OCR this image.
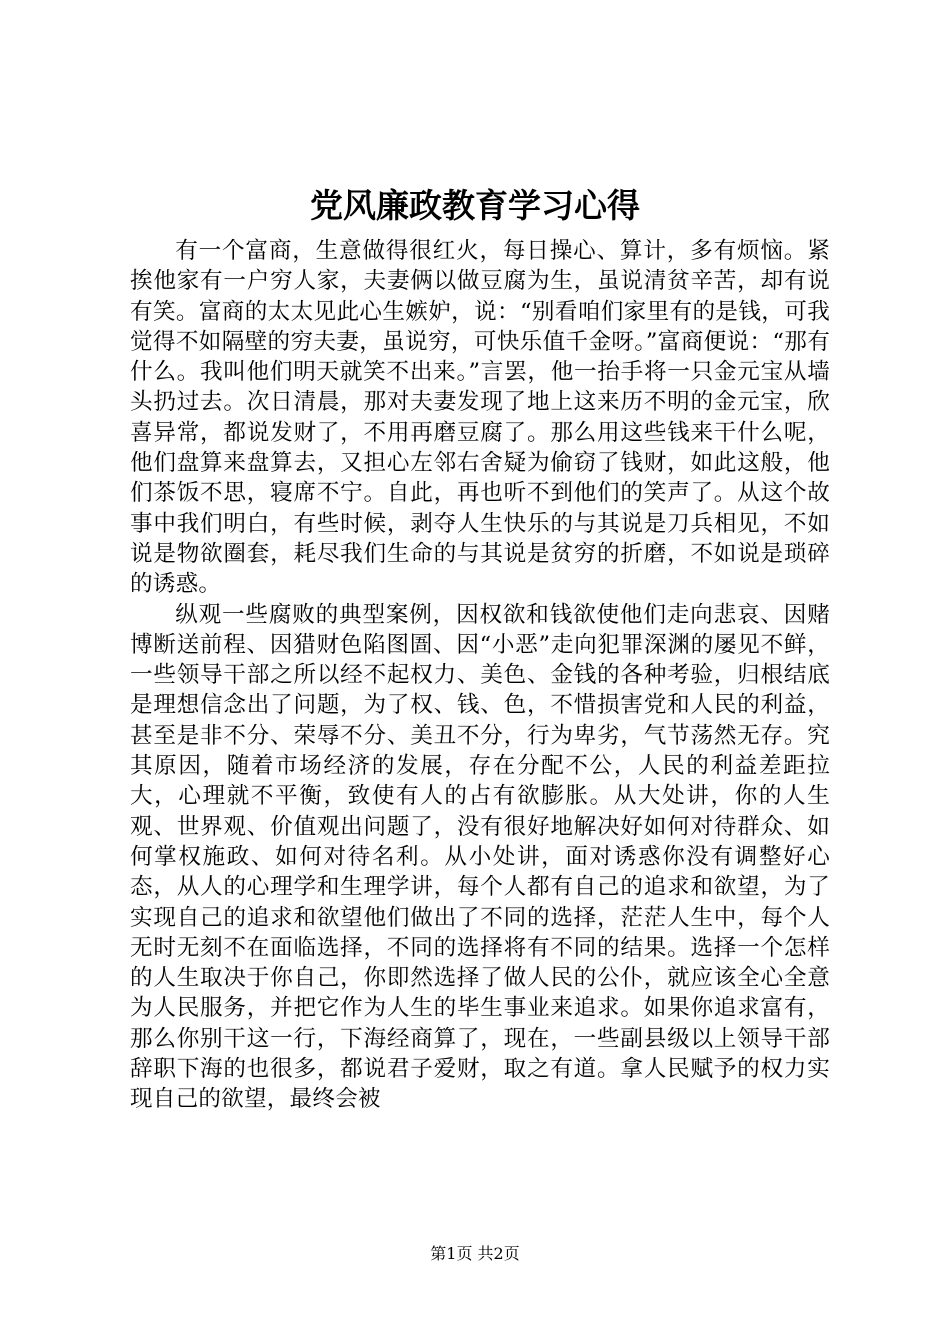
党风廉政教育学习心得

有一个富商，生意做得很红火，每日操心、算计，多有烦恼。紧挨他家有一户穷人家，夫妻俩以做豆腐为生，虽说清贫辛苦，却有说有笑。富商的太太见此心生嫉妒，说：“别看咱们家里有的是钱，可我觉得不如隔壁的穷夫妻，虽说穷，可快乐值千金呀。”富商便说：“那有什么。我叫他们明天就笑不出来。”言罢，他一抬手将一只金元宝从墙头扔过去。次日清晨，那对夫妻发现了地上这来历不明的金元宝，欣喜异常，都说发财了，不用再磨豆腐了。那么用这些钱来干什么呢，他们盘算来盘算去，又担心左邻右舍疑为偷窃了钱财，如此这般，他们茶饭不思，寝席不宁。自此，再也听不到他们的笑声了。从这个故事中我们明白，有些时候，剥夺人生快乐的与其说是刀兵相见，不如说是物欲圈套，耗尽我们生命的与其说是贫穷的折磨，不如说是琐碎的诱惑。

纵观一些腐败的典型案例，因权欲和钱欲使他们走向悲哀、因赌博断送前程、因猎财色陷图圄、因“小恶”走向犯罪深渊的屡见不鲜，一些领导干部之所以经不起权力、美色、金钱的各种考验，归根结底是理想信念出了问题，为了权、钱、色，不惜损害党和人民的利益，甚至是非不分、荣辱不分、美丑不分，行为卑劣，气节荡然无存。究其原因，随着市场经济的发展，存在分配不公，人民的利益差距拉大，心理就不平衡，致使有人的占有欲膨胀。从大处讲，你的人生观、世界观、价值观出问题了，没有很好地解决好如何对待群众、如何掌权施政、如何对待名利。从小处讲，面对诱惑你没有调整好心态，从人的心理学和生理学讲，每个人都有自己的追求和欲望，为了实现自己的追求和欲望他们做出了不同的选择，茫茫人生中，每个人无时无刻不在面临选择，不同的选择将有不同的结果。选择一个怎样的人生取决于你自己，你即然选择了做人民的公仆，就应该全心全意为人民服务，并把它作为人生的毕生事业来追求。如果你追求富有，那么你别干这一行，下海经商算了，现在，一些副县级以上领导干部辞职下海的也很多，都说君子爱财，取之有道。拿人民赋予的权力实现自己的欲望，最终会被

第1页 共2页
